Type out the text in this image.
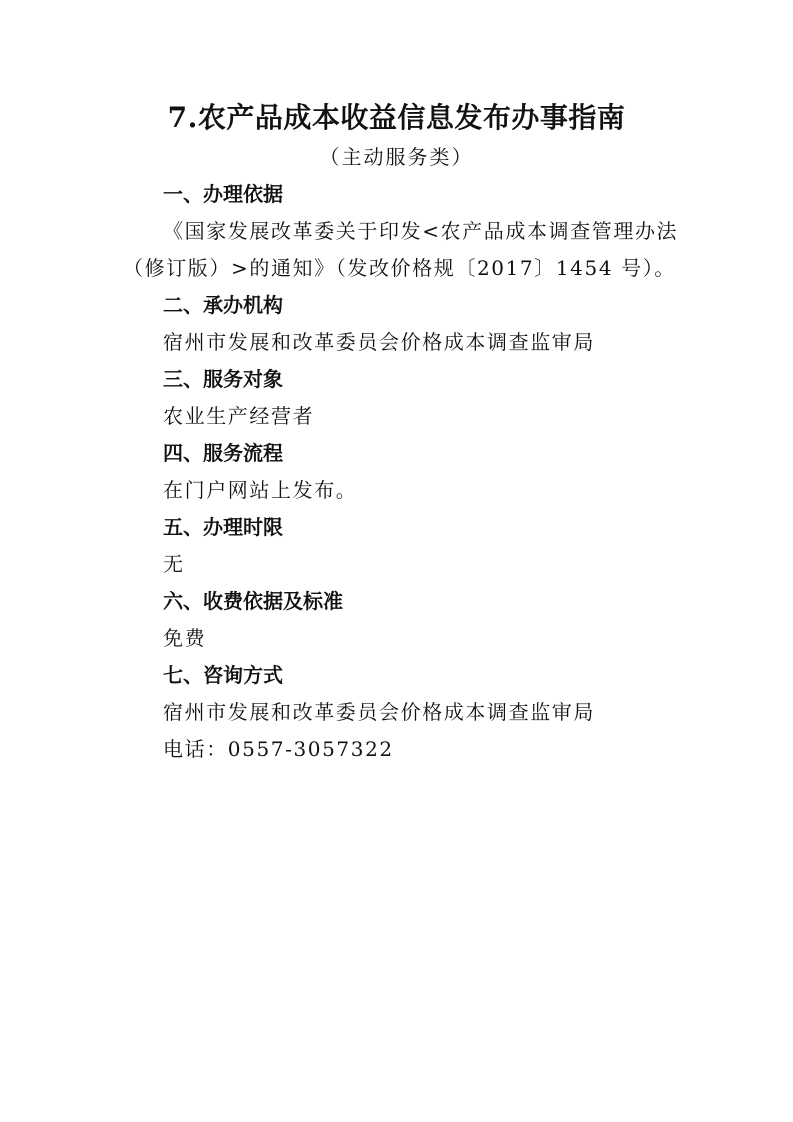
7.农产品成本收益信息发布办事指南
（主动服务类）
一、办理依据
《国家发展改革委关于印发<农产品成本调查管理办法
（修订版）>的通知》（发改价格规〔2017〕1454 号）。
二、承办机构
宿州市发展和改革委员会价格成本调查监审局
三、服务对象
农业生产经营者
四、服务流程
在门户网站上发布。
五、办理时限
无
六、收费依据及标准
免费
七、咨询方式
宿州市发展和改革委员会价格成本调查监审局
电话：0557-3057322
